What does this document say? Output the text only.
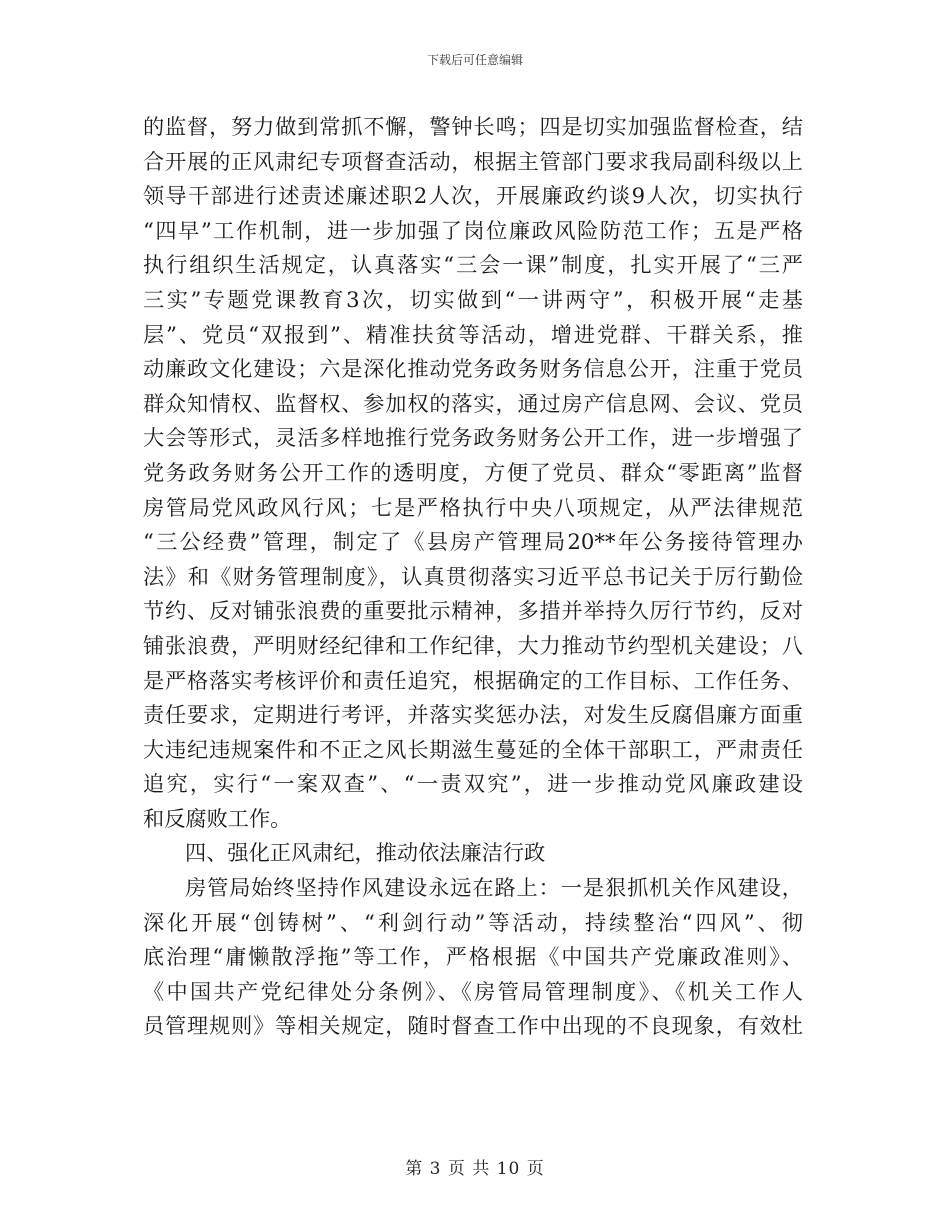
下载后可任意编辑
的监督，努力做到常抓不懈，警钟长鸣；四是切实加强监督检查，结
合开展的正风肃纪专项督查活动，根据主管部门要求我局副科级以上
领导干部进行述责述廉述职2人次，开展廉政约谈9人次，切实执行
“四早”工作机制，进一步加强了岗位廉政风险防范工作；五是严格
执行组织生活规定，认真落实“三会一课”制度，扎实开展了“三严
三实”专题党课教育3次，切实做到“一讲两守”，积极开展“走基
层”、党员“双报到”、精准扶贫等活动，增进党群、干群关系，推
动廉政文化建设；六是深化推动党务政务财务信息公开，注重于党员
群众知情权、监督权、参加权的落实，通过房产信息网、会议、党员
大会等形式，灵活多样地推行党务政务财务公开工作，进一步增强了
党务政务财务公开工作的透明度，方便了党员、群众“零距离”监督
房管局党风政风行风；七是严格执行中央八项规定，从严法律规范
“三公经费”管理，制定了《县房产管理局20**年公务接待管理办
法》和《财务管理制度》，认真贯彻落实习近平总书记关于厉行勤俭
节约、反对铺张浪费的重要批示精神，多措并举持久厉行节约，反对
铺张浪费，严明财经纪律和工作纪律，大力推动节约型机关建设；八
是严格落实考核评价和责任追究，根据确定的工作目标、工作任务、
责任要求，定期进行考评，并落实奖惩办法，对发生反腐倡廉方面重
大违纪违规案件和不正之风长期滋生蔓延的全体干部职工，严肃责任
追究，实行“一案双查”、“一责双究”，进一步推动党风廉政建设
和反腐败工作。
四、强化正风肃纪，推动依法廉洁行政
房管局始终坚持作风建设永远在路上：一是狠抓机关作风建设，
深化开展“创铸树”、“利剑行动”等活动，持续整治“四风”、彻
底治理“庸懒散浮拖”等工作，严格根据《中国共产党廉政准则》、
《中国共产党纪律处分条例》、《房管局管理制度》、《机关工作人
员管理规则》等相关规定，随时督查工作中出现的不良现象，有效杜
第 3 页 共 10 页
